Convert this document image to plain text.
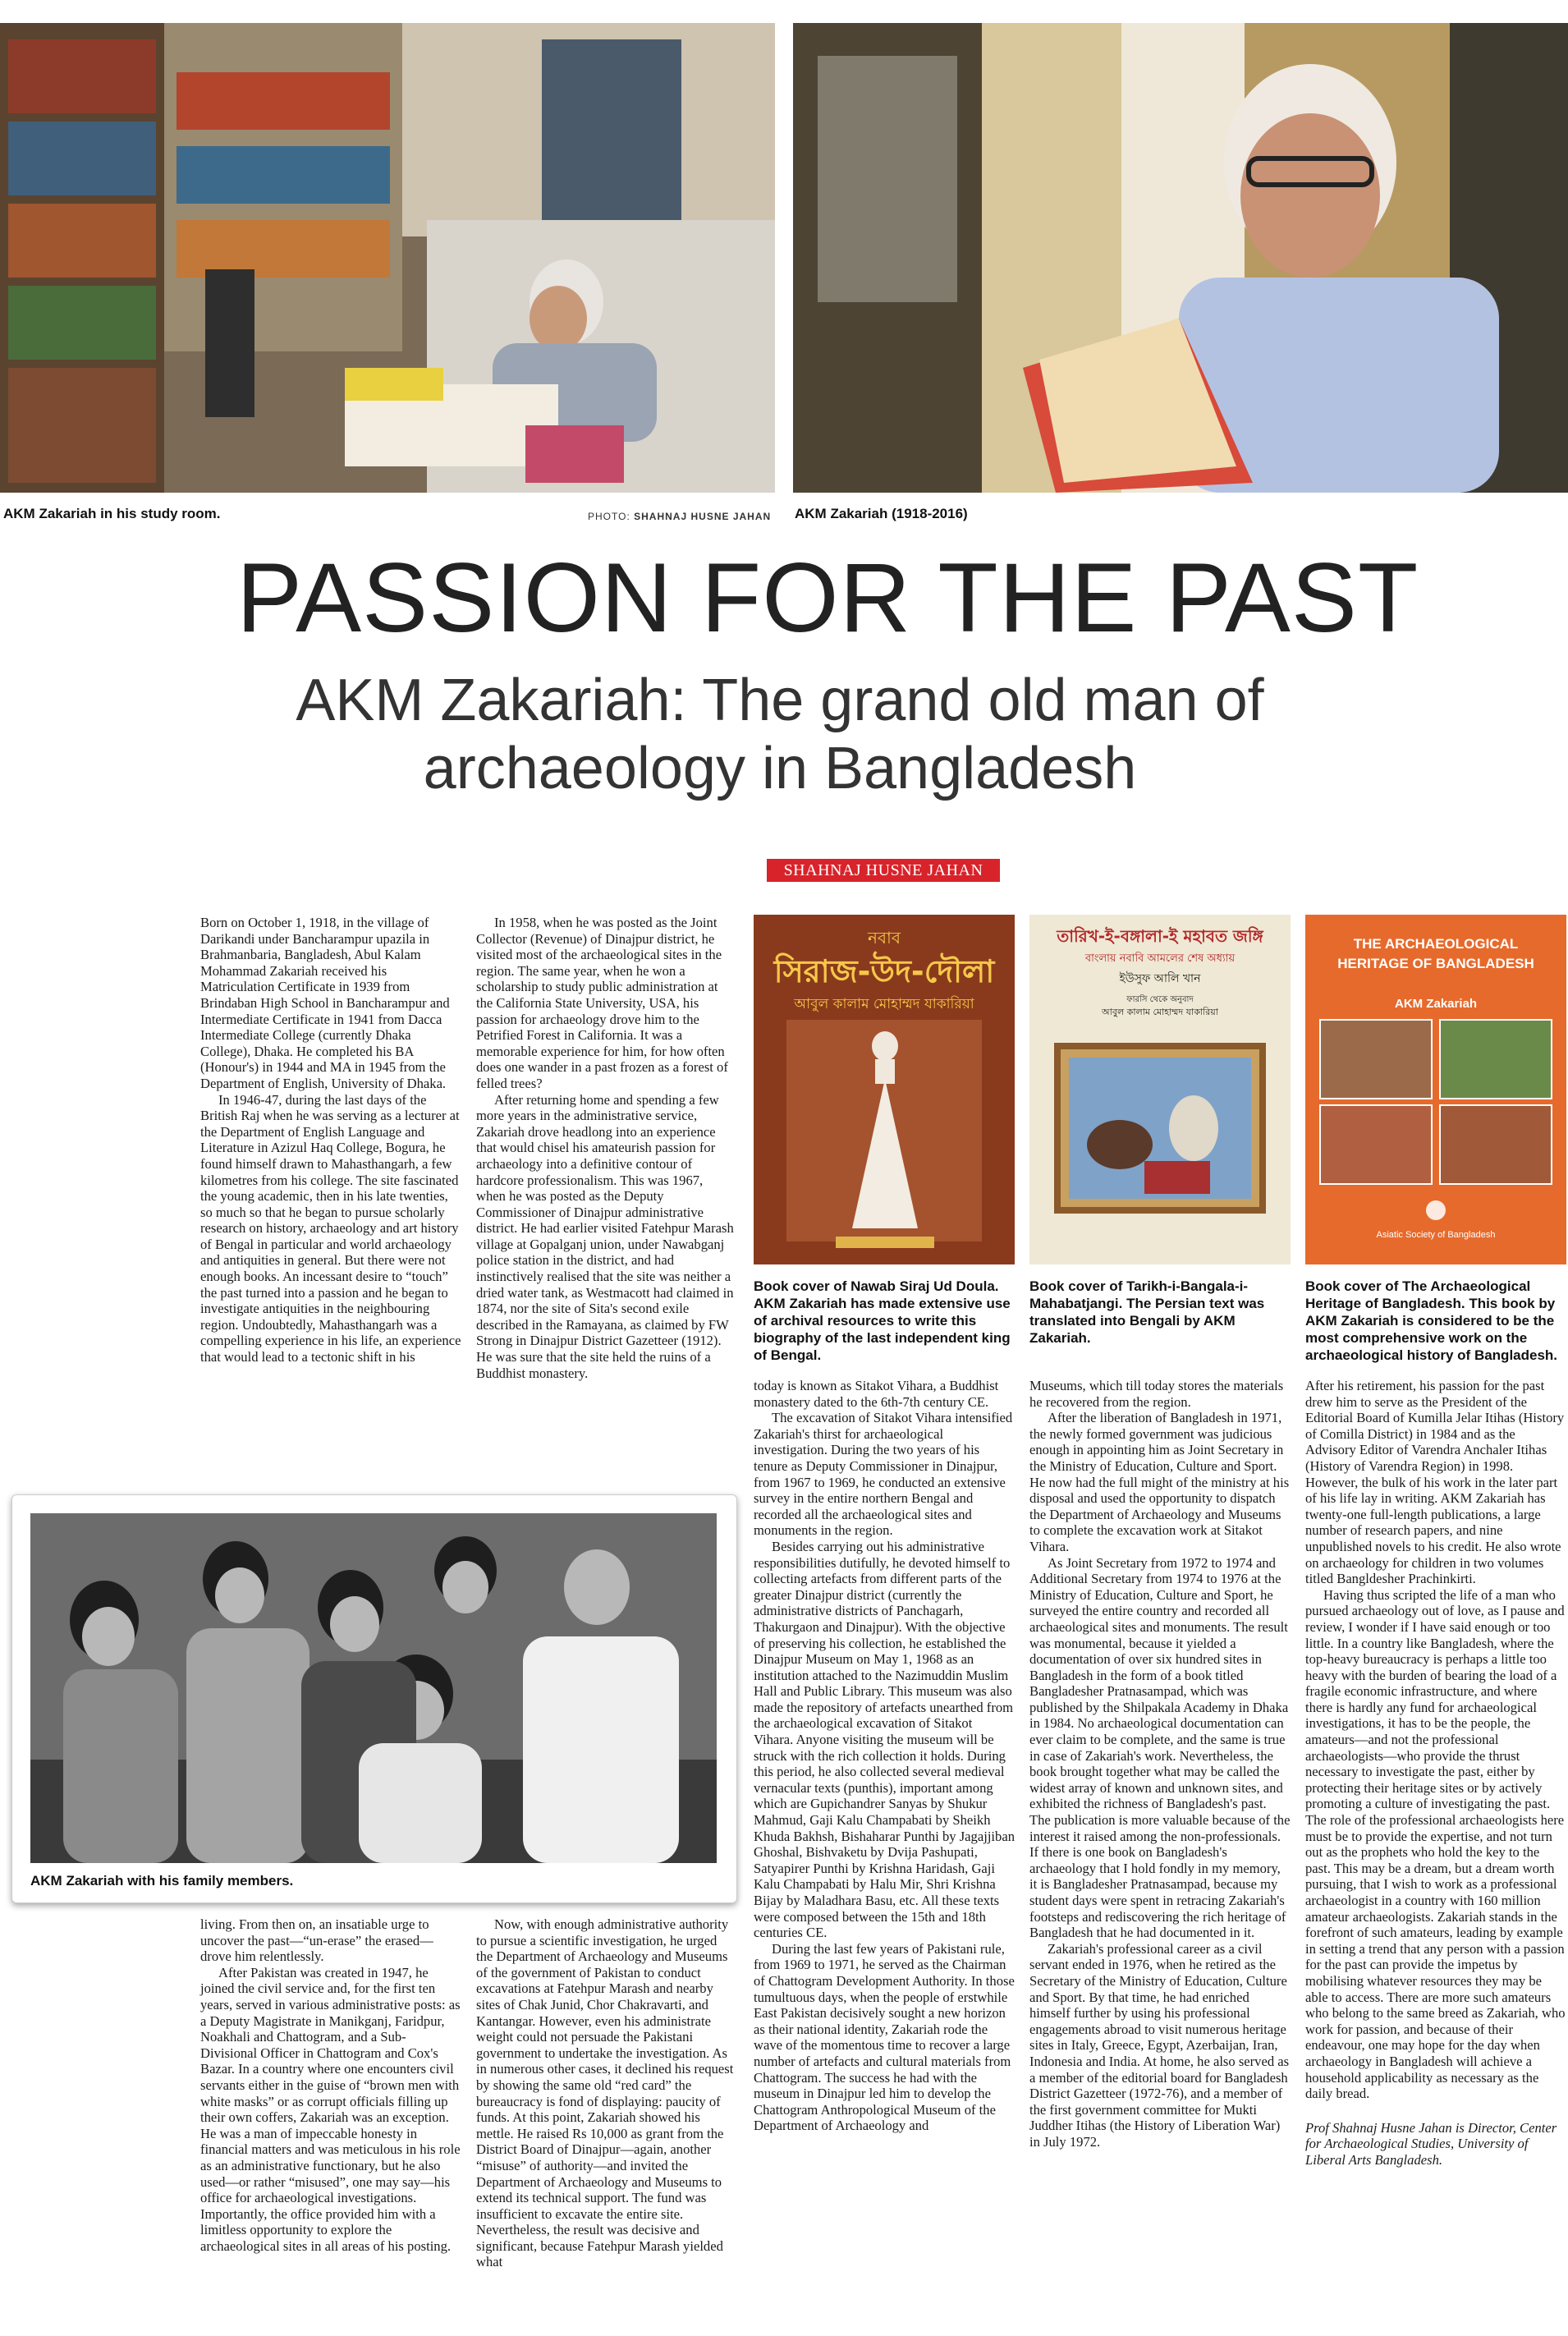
AKM Zakariah in his study room.	PHOTO: SHAHNAJ HUSNE JAHAN AKM Zakariah (1918-2016)
PASSION FOR THE PAST
AKM Zakariah: The grand old man of archaeology in Bangladesh
SHAHNAJ HUSNE JAHAN

Born on October 1, 1918, in the village of Darikandi under Bancharampur upazila in Brahmanbaria, Bangladesh, Abul Kalam Mohammad Zakariah received his Matriculation Certificate in 1939 from Brindaban High School in Bancharampur and Intermediate Certificate in 1941 from Dacca Intermediate College (currently Dhaka College), Dhaka. He completed his BA (Honour's) in 1944 and MA in 1945 from the Department of English, University of Dhaka.

In 1946-47, during the last days of the British Raj when he was serving as a lecturer at the Department of English Language and Literature in Azizul Haq College, Bogura, he found himself drawn to Mahasthangarh, a few kilometres from his college. The site fascinated the young academic, then in his late twenties, so much so that he began to pursue scholarly research on history, archaeology and art history of Bengal in particular and world archaeology and antiquities in general. But there were not enough books. An incessant desire to “touch” the past turned into a passion and he began to investigate antiquities in the neighbouring region. Undoubtedly, Mahasthangarh was a compelling experience in his life, an experience that would lead to a tectonic shift in his

In 1958, when he was posted as the Joint Collector (Revenue) of Dinajpur district, he visited most of the archaeological sites in the region. The same year, when he won a scholarship to study public administration at the California State University, USA, his passion for archaeology drove him to the Petrified Forest in California. It was a memorable experience for him, for how often does one wander in a past frozen as a forest of felled trees?

After returning home and spending a few more years in the administrative service, Zakariah drove headlong into an experience that would chisel his amateurish passion for archaeology into a definitive contour of hardcore professionalism. This was 1967, when he was posted as the Deputy Commissioner of Dinajpur administrative district. He had earlier visited Fatehpur Marash village at Gopalganj union, under Nawabganj police station in the district, and had instinctively realised that the site was neither a dried water tank, as Westmacott had claimed in 1874, nor the site of Sita's second exile described in the Ramayana, as claimed by FW Strong in Dinajpur District Gazetteer (1912). He was sure that the site held the ruins of a Buddhist monastery.

নবাব
সিরাজ-উদ-দৌলা
আবুল কালাম মোহাম্মদ যাকারিয়া
তারিখ-ই-বঙ্গালা-ই মহাবত জঙ্গি
বাংলায় নবাবি আমলের শেষ অধ্যায়
ইউসুফ আলি খান
ফারসি থেকে অনুবাদ
আবুল কালাম মোহাম্মদ যাকারিয়া
THE ARCHAEOLOGICAL HERITAGE OF BANGLADESH
AKM Zakariah
Asiatic Society of Bangladesh
Book cover of Nawab Siraj Ud Doula. AKM Zakariah has made extensive use of archival resources to write this biography of the last independent king of Bengal.
Book cover of Tarikh-i-Bangala-i-Mahabatjangi. The Persian text was translated into Bengali by AKM Zakariah.
Book cover of The Archaeological Heritage of Bangladesh. This book by AKM Zakariah is considered to be the most comprehensive work on the archaeological history of Bangladesh.

today is known as Sitakot Vihara, a Buddhist monastery dated to the 6th-7th century CE.

The excavation of Sitakot Vihara intensified Zakariah's thirst for archaeological investigation. During the two years of his tenure as Deputy Commissioner in Dinajpur, from 1967 to 1969, he conducted an extensive survey in the entire northern Bengal and recorded all the archaeological sites and monuments in the region.

Besides carrying out his administrative responsibilities dutifully, he devoted himself to collecting artefacts from different parts of the greater Dinajpur district (currently the administrative districts of Panchagarh, Thakurgaon and Dinajpur). With the objective of preserving his collection, he established the Dinajpur Museum on May 1, 1968 as an institution attached to the Nazimuddin Muslim Hall and Public Library. This museum was also made the repository of artefacts unearthed from the archaeological excavation of Sitakot Vihara. Anyone visiting the museum will be struck with the rich collection it holds. During this period, he also collected several medieval vernacular texts (punthis), important among which are Gupichandrer Sanyas by Shukur Mahmud, Gaji Kalu Champabati by Sheikh Khuda Bakhsh, Bishaharar Punthi by Jagajjiban Ghoshal, Bishvaketu by Dvija Pashupati, Satyapirer Punthi by Krishna Haridash, Gaji Kalu Champabati by Halu Mir, Shri Krishna Bijay by Maladhara Basu, etc. All these texts were composed between the 15th and 18th centuries CE.

During the last few years of Pakistani rule, from 1969 to 1971, he served as the Chairman of Chattogram Development Authority. In those tumultuous days, when the people of erstwhile East Pakistan decisively sought a new horizon as their national identity, Zakariah rode the wave of the momentous time to recover a large number of artefacts and cultural materials from Chattogram. The success he had with the museum in Dinajpur led him to develop the Chattogram Anthropological Museum of the Department of Archaeology and

Museums, which till today stores the materials he recovered from the region.

After the liberation of Bangladesh in 1971, the newly formed government was judicious enough in appointing him as Joint Secretary in the Ministry of Education, Culture and Sport. He now had the full might of the ministry at his disposal and used the opportunity to dispatch the Department of Archaeology and Museums to complete the excavation work at Sitakot Vihara.

As Joint Secretary from 1972 to 1974 and Additional Secretary from 1974 to 1976 at the Ministry of Education, Culture and Sport, he surveyed the entire country and recorded all archaeological sites and monuments. The result was monumental, because it yielded a documentation of over six hundred sites in Bangladesh in the form of a book titled Bangladesher Pratnasampad, which was published by the Shilpakala Academy in Dhaka in 1984. No archaeological documentation can ever claim to be complete, and the same is true in case of Zakariah's work. Nevertheless, the book brought together what may be called the widest array of known and unknown sites, and exhibited the richness of Bangladesh's past. The publication is more valuable because of the interest it raised among the non-professionals. If there is one book on Bangladesh's archaeology that I hold fondly in my memory, it is Bangladesher Pratnasampad, because my student days were spent in retracing Zakariah's footsteps and rediscovering the rich heritage of Bangladesh that he had documented in it.

Zakariah's professional career as a civil servant ended in 1976, when he retired as the Secretary of the Ministry of Education, Culture and Sport. By that time, he had enriched himself further by using his professional engagements abroad to visit numerous heritage sites in Italy, Greece, Egypt, Azerbaijan, Iran, Indonesia and India. At home, he also served as a member of the editorial board for Bangladesh District Gazetteer (1972-76), and a member of the first government committee for Mukti Juddher Itihas (the History of Liberation War) in July 1972.

After his retirement, his passion for the past drew him to serve as the President of the Editorial Board of Kumilla Jelar Itihas (History of Comilla District) in 1984 and as the Advisory Editor of Varendra Anchaler Itihas (History of Varendra Region) in 1998. However, the bulk of his work in the later part of his life lay in writing. AKM Zakariah has twenty-one full-length publications, a large number of research papers, and nine unpublished novels to his credit. He also wrote on archaeology for children in two volumes titled Bangldesher Prachinkirti.

Having thus scripted the life of a man who pursued archaeology out of love, as I pause and review, I wonder if I have said enough or too little. In a country like Bangladesh, where the top-heavy bureaucracy is perhaps a little too heavy with the burden of bearing the load of a fragile economic infrastructure, and where there is hardly any fund for archaeological investigations, it has to be the people, the amateurs—and not the professional archaeologists—who provide the thrust necessary to investigate the past, either by protecting their heritage sites or by actively promoting a culture of investigating the past. The role of the professional archaeologists here must be to provide the expertise, and not turn out as the prophets who hold the key to the past. This may be a dream, but a dream worth pursuing, that I wish to work as a professional archaeologist in a country with 160 million amateur archaeologists. Zakariah stands in the forefront of such amateurs, leading by example in setting a trend that any person with a passion for the past can provide the impetus by mobilising whatever resources they may be able to access. There are more such amateurs who belong to the same breed as Zakariah, who work for passion, and because of their endeavour, one may hope for the day when archaeology in Bangladesh will achieve a household applicability as necessary as the daily bread.

Prof Shahnaj Husne Jahan is Director, Center for Archaeological Studies, University of Liberal Arts Bangladesh.

AKM Zakariah with his family members.

living. From then on, an insatiable urge to uncover the past—“un-erase” the erased—drove him relentlessly.

After Pakistan was created in 1947, he joined the civil service and, for the first ten years, served in various administrative posts: as a Deputy Magistrate in Manikganj, Faridpur, Noakhali and Chattogram, and a Sub-Divisional Officer in Chattogram and Cox's Bazar. In a country where one encounters civil servants either in the guise of “brown men with white masks” or as corrupt officials filling up their own coffers, Zakariah was an exception. He was a man of impeccable honesty in financial matters and was meticulous in his role as an administrative functionary, but he also used—or rather “misused”, one may say—his office for archaeological investigations. Importantly, the office provided him with a limitless opportunity to explore the archaeological sites in all areas of his posting.

Now, with enough administrative authority to pursue a scientific investigation, he urged the Department of Archaeology and Museums of the government of Pakistan to conduct excavations at Fatehpur Marash and nearby sites of Chak Junid, Chor Chakravarti, and Kantangar. However, even his administrate weight could not persuade the Pakistani government to undertake the investigation. As in numerous other cases, it declined his request by showing the same old “red card” the bureaucracy is fond of displaying: paucity of funds. At this point, Zakariah showed his mettle. He raised Rs 10,000 as grant from the District Board of Dinajpur—again, another “misuse” of authority—and invited the Department of Archaeology and Museums to extend its technical support. The fund was insufficient to excavate the entire site. Nevertheless, the result was decisive and significant, because Fatehpur Marash yielded what
